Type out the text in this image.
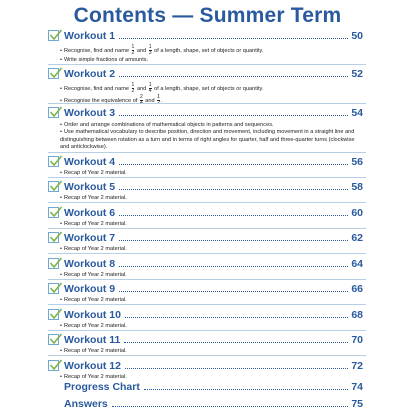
Contents — Summer Term
Workout 1	50
• Recognise, find and name $\frac{1}{2}$ and $\frac{1}{3}$ of a length, shape, set of objects or quantity.
• Write simple fractions of amounts.
Workout 2	52
• Recognise, find and name $\frac{1}{2}$ and $\frac{1}{4}$ of a length, shape, set of objects or quantity.
• Recognise the equivalence of $\frac{2}{4}$ and $\frac{1}{2}$ .
Workout 3	54
• Order and arrange combinations of mathematical objects in patterns and sequences.
• Use mathematical vocabulary to describe position, direction and movement, including movement in a straight line and distinguishing between rotation as a turn and in terms of right angles for quarter, half and three-quarter turns (clockwise and anticlockwise).
Workout 4	56
• Recap of Year 2 material.
Workout 5	58
• Recap of Year 2 material.
Workout 6	60
• Recap of Year 2 material.
Workout 7	62
• Recap of Year 2 material.
Workout 8	64
• Recap of Year 2 material.
Workout 9	66
• Recap of Year 2 material.
Workout 10	68
• Recap of Year 2 material.
Workout 11	70
• Recap of Year 2 material.
Workout 12	72
• Recap of Year 2 material.
Progress Chart	74
Answers	75
